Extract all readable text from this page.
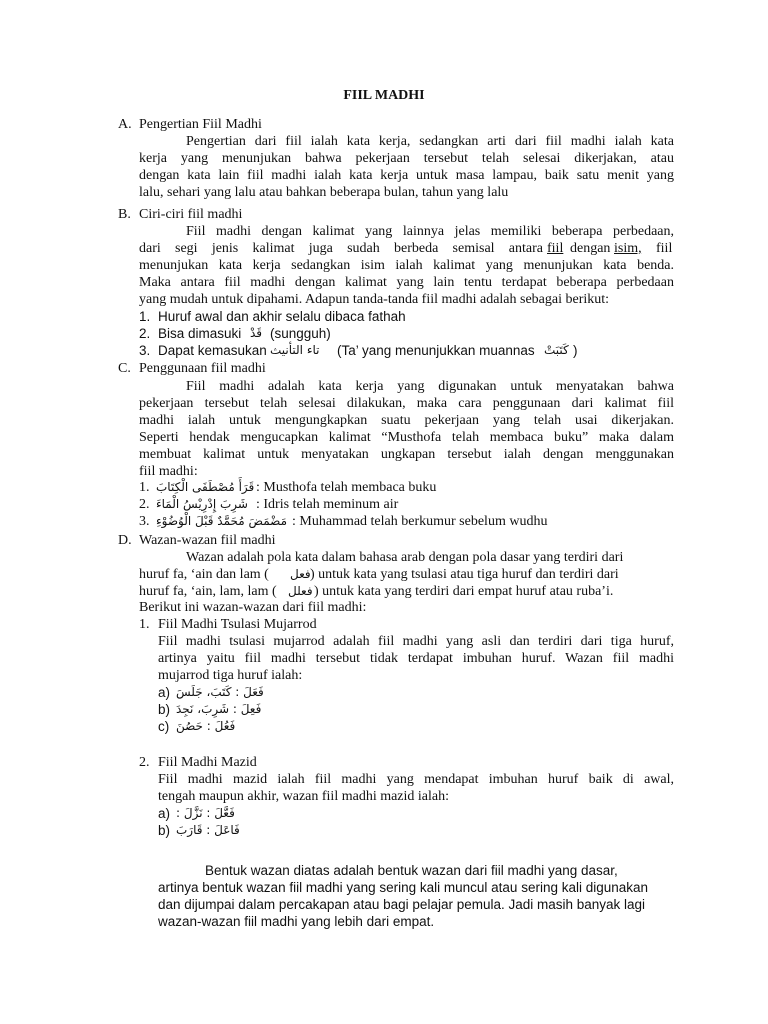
FIIL MADHI
A. Pengertian Fiil Madhi
Pengertian dari fiil ialah kata kerja, sedangkan arti dari fiil madhi ialah kata
kerja yang menunjukan bahwa pekerjaan tersebut telah selesai dikerjakan, atau
dengan kata lain fiil madhi ialah kata kerja untuk masa lampau, baik satu menit yang
lalu, sehari yang lalu atau bahkan beberapa bulan, tahun yang lalu
B. Ciri-ciri fiil madhi
Fiil madhi dengan kalimat yang lainnya jelas memiliki beberapa perbedaan,
dari segi jenis kalimat juga sudah berbeda semisal antara fiil dengan isim, fiil
menunjukan kata kerja sedangkan isim ialah kalimat yang menunjukan kata benda.
Maka antara fiil madhi dengan kalimat yang lain tentu terdapat beberapa perbedaan
yang mudah untuk dipahami. Adapun tanda-tanda fiil madhi adalah sebagai berikut:
1. Huruf awal dan akhir selalu dibaca fathah
2. Bisa dimasuki قَدْ (sungguh)
3. Dapat kemasukan تاء التأنيث (Ta’ yang menunjukkan muannas كَتَبَتْ )
C. Penggunaan fiil madhi
Fiil madhi adalah kata kerja yang digunakan untuk menyatakan bahwa
pekerjaan tersebut telah selesai dilakukan, maka cara penggunaan dari kalimat fiil
madhi ialah untuk mengungkapkan suatu pekerjaan yang telah usai dikerjakan.
Seperti hendak mengucapkan kalimat “Musthofa telah membaca buku” maka dalam
membuat kalimat untuk menyatakan ungkapan tersebut ialah dengan menggunakan
fiil madhi:
1. قَرَأَ مُصْطَفَى الْكِتَابَ : Musthofa telah membaca buku
2. شَرِبَ إِدْرِيْسُ الْمَاءَ : Idris telah meminum air
3. مَضْمَضَ مُحَمَّدٌ قَبْلَ الْوُضُوْءِ : Muhammad telah berkumur sebelum wudhu
D. Wazan-wazan fiil madhi
Wazan adalah pola kata dalam bahasa arab dengan pola dasar yang terdiri dari
huruf fa, ‘ain dan lam ( فعل ) untuk kata yang tsulasi atau tiga huruf dan terdiri dari
huruf fa, ‘ain, lam, lam ( فعلل ) untuk kata yang terdiri dari empat huruf atau ruba’i.
Berikut ini wazan-wazan dari fiil madhi:
1. Fiil Madhi Tsulasi Mujarrod
Fiil madhi tsulasi mujarrod adalah fiil madhi yang asli dan terdiri dari tiga huruf,
artinya yaitu fiil madhi tersebut tidak terdapat imbuhan huruf. Wazan fiil madhi
mujarrod tiga huruf ialah:
a) فَعَلَ : كَتَبَ، جَلَسَ
b) فَعِلَ : شَرِبَ، نَجِدَ
c) فَعُلَ : حَصُنَ
2. Fiil Madhi Mazid
Fiil madhi mazid ialah fiil madhi yang mendapat imbuhan huruf baik di awal,
tengah maupun akhir, wazan fiil madhi mazid ialah:
a) فَعَّلَ : نَزَّلَ :
b) فَاعَلَ : قَارَبَ
Bentuk wazan diatas adalah bentuk wazan dari fiil madhi yang dasar,
artinya bentuk wazan fiil madhi yang sering kali muncul atau sering kali digunakan
dan dijumpai dalam percakapan atau bagi pelajar pemula. Jadi masih banyak lagi
wazan-wazan fiil madhi yang lebih dari empat.
